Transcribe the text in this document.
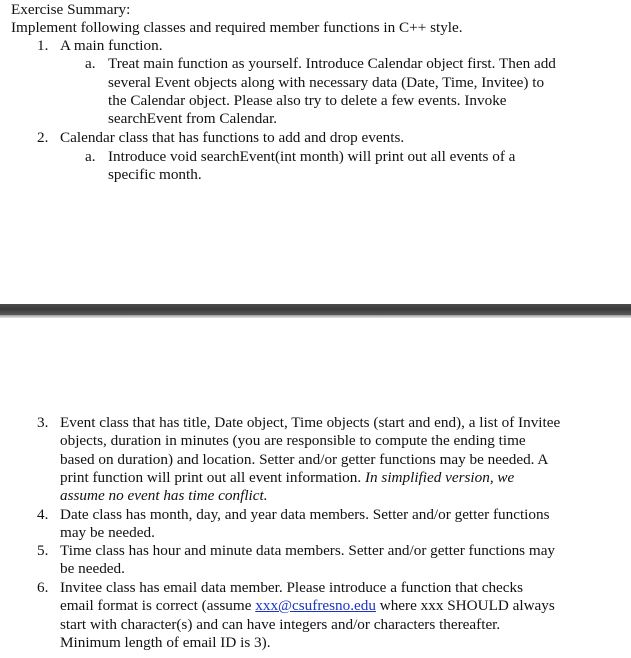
Exercise Summary:
Implement following classes and required member functions in C++ style.
1. A main function.
a. Treat main function as yourself. Introduce Calendar object first. Then add
several Event objects along with necessary data (Date, Time, Invitee) to
the Calendar object. Please also try to delete a few events. Invoke
searchEvent from Calendar.
2. Calendar class that has functions to add and drop events.
a. Introduce void searchEvent(int month) will print out all events of a
specific month.
3. Event class that has title, Date object, Time objects (start and end), a list of Invitee
objects, duration in minutes (you are responsible to compute the ending time
based on duration) and location. Setter and/or getter functions may be needed. A
print function will print out all event information. In simplified version, we
assume no event has time conflict.
4. Date class has month, day, and year data members. Setter and/or getter functions
may be needed.
5. Time class has hour and minute data members. Setter and/or getter functions may
be needed.
6. Invitee class has email data member. Please introduce a function that checks
email format is correct (assume xxx@csufresno.edu where xxx SHOULD always
start with character(s) and can have integers and/or characters thereafter.
Minimum length of email ID is 3).
